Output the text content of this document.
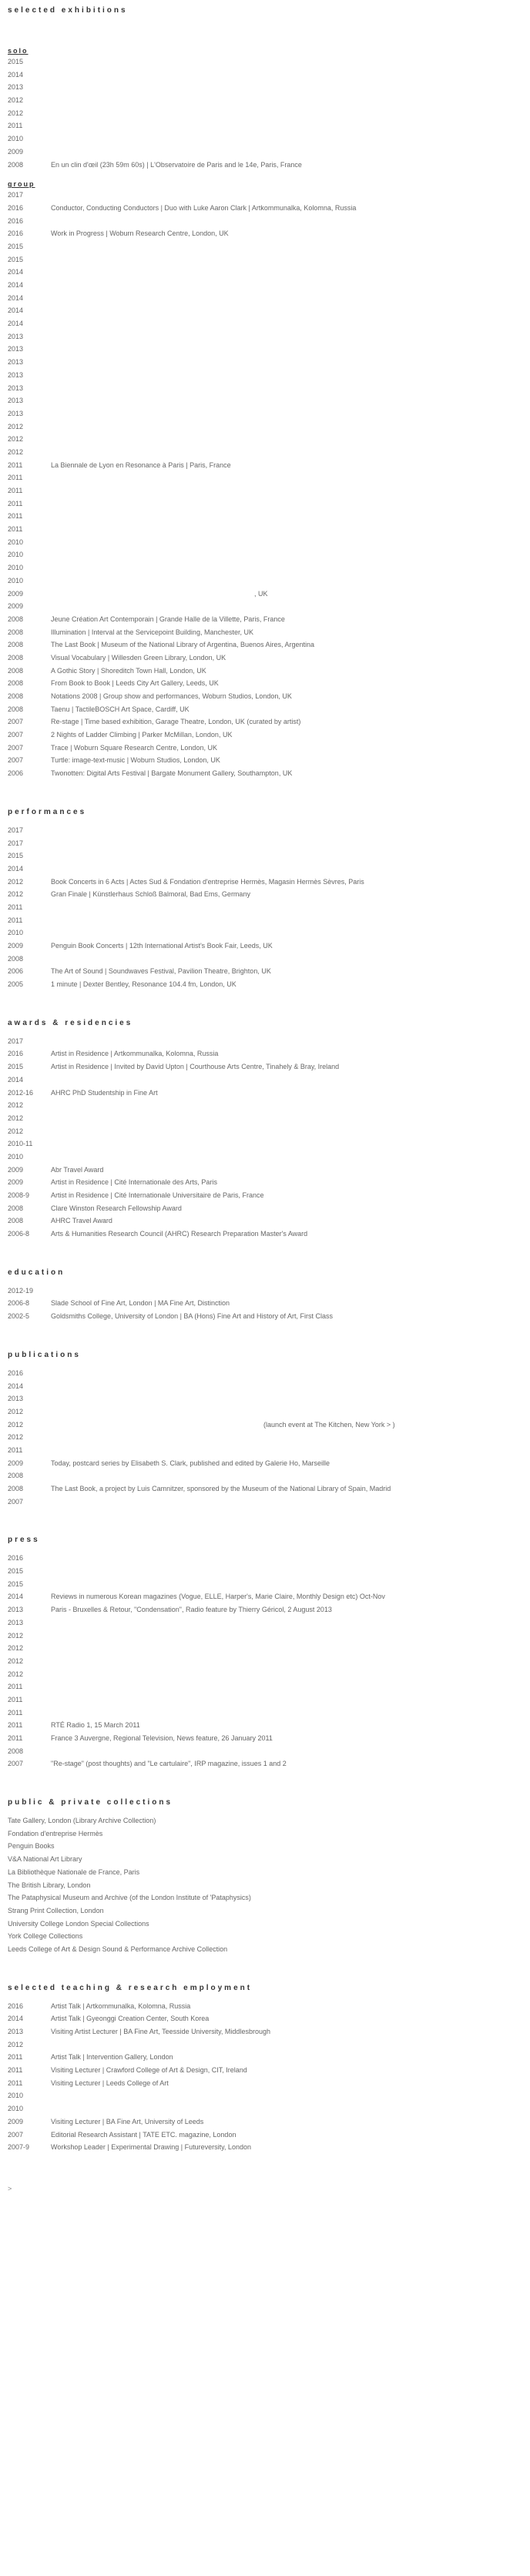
selected exhibitions
solo
2015
2014
2013
2012
2012
2011
2010
2009
2008	En un clin d'œil (23h 59m 60s) | L'Observatoire de Paris and le 14e, Paris, France
group
2017
2016	Conductor, Conducting Conductors | Duo with Luke Aaron Clark | Artkommunalka, Kolomna, Russia
2016
2016	Work in Progress | Woburn Research Centre, London, UK
2015
2015
2014
2014
2014
2014
2014
2013
2013
2013
2013
2013
2013
2013
2012
2012
2012
2011	La Biennale de Lyon en Resonance à Paris | Paris, France
2011
2011
2011
2011
2011
2010
2010
2010
2010
2009	, UK
2009
2008	Jeune Création Art Contemporain | Grande Halle de la Villette, Paris, France
2008	Illumination | Interval at the Servicepoint Building, Manchester, UK
2008	The Last Book | Museum of the National Library of Argentina, Buenos Aires, Argentina
2008	Visual Vocabulary | Willesden Green Library, London, UK
2008	A Gothic Story | Shoreditch Town Hall, London, UK
2008	From Book to Book | Leeds City Art Gallery, Leeds, UK
2008	Notations 2008 | Group show and performances, Woburn Studios, London, UK
2008	Taenu | TactileBOSCH Art Space, Cardiff, UK
2007	Re-stage | Time based exhibition, Garage Theatre, London, UK (curated by artist)
2007	2 Nights of Ladder Climbing | Parker McMillan, London, UK
2007	Trace | Woburn Square Research Centre, London, UK
2007	Turtle: image-text-music | Woburn Studios, London, UK
2006	Twonotten: Digital Arts Festival | Bargate Monument Gallery, Southampton, UK
performances
2017
2017
2015
2014
2012	Book Concerts in 6 Acts | Actes Sud & Fondation d'entreprise Hermès, Magasin Hermès Sèvres, Paris
2012	Gran Finale | Künstlerhaus Schloß Balmoral, Bad Ems, Germany
2011
2011
2010
2009	Penguin Book Concerts | 12th International Artist's Book Fair, Leeds, UK
2008
2006	The Art of Sound | Soundwaves Festival, Pavilion Theatre, Brighton, UK
2005	1 minute | Dexter Bentley, Resonance 104.4 fm, London, UK
awards & residencies
2017
2016	Artist in Residence | Artkommunalka, Kolomna, Russia
2015	Artist in Residence | Invited by David Upton | Courthouse Arts Centre, Tinahely & Bray, Ireland
2014
2012-16	AHRC PhD Studentship in Fine Art
2012
2012
2012
2010-11
2010
2009	Abr Travel Award
2009	Artist in Residence | Cité Internationale des Arts, Paris
2008-9	Artist in Residence | Cité Internationale Universitaire de Paris, France
2008	Clare Winston Research Fellowship Award
2008	AHRC Travel Award
2006-8	Arts & Humanities Research Council (AHRC) Research Preparation Master's Award
education
2012-19
2006-8	Slade School of Fine Art, London | MA Fine Art, Distinction
2002-5	Goldsmiths College, University of London | BA (Hons) Fine Art and History of Art, First Class
publications
2016
2014
2013
2012
2012	(launch event at The Kitchen, New York > )
2012
2011
2009	Today, postcard series by Elisabeth S. Clark, published and edited by Galerie Ho, Marseille
2008
2008	The Last Book, a project by Luis Camnitzer, sponsored by the Museum of the National Library of Spain, Madrid
2007
press
2016
2015
2015
2014	Reviews in numerous Korean magazines (Vogue, ELLE, Harper's, Marie Claire, Monthly Design etc) Oct-Nov
2013	Paris - Bruxelles & Retour, "Condensation", Radio feature by Thierry Géricol, 2 August 2013
2013
2012
2012
2012
2012
2011
2011
2011
2011	RTÉ Radio 1, 15 March 2011
2011	France 3 Auvergne, Regional Television, News feature, 26 January 2011
2008
2007	"Re-stage" (post thoughts) and "Le cartulaire", IRP magazine, issues 1 and 2
public & private collections
Tate Gallery, London (Library Archive Collection)
Fondation d'entreprise Hermès
Penguin Books
V&A National Art Library
La Bibliothèque Nationale de France, Paris
The British Library, London
The Pataphysical Museum and Archive (of the London Institute of 'Pataphysics)
Strang Print Collection, London
University College London Special Collections
York College Collections
Leeds College of Art & Design Sound & Performance Archive Collection
selected teaching & research employment
2016	Artist Talk | Artkommunalka, Kolomna, Russia
2014	Artist Talk | Gyeonggi Creation Center, South Korea
2013	Visiting Artist Lecturer | BA Fine Art, Teesside University, Middlesbrough
2012
2011	Artist Talk | Intervention Gallery, London
2011	Visiting Lecturer | Crawford College of Art & Design, CIT, Ireland
2011	Visiting Lecturer | Leeds College of Art
2010
2010
2009	Visiting Lecturer | BA Fine Art, University of Leeds
2007	Editorial Research Assistant | TATE ETC. magazine, London
2007-9	Workshop Leader | Experimental Drawing | Futureversity, London
>
